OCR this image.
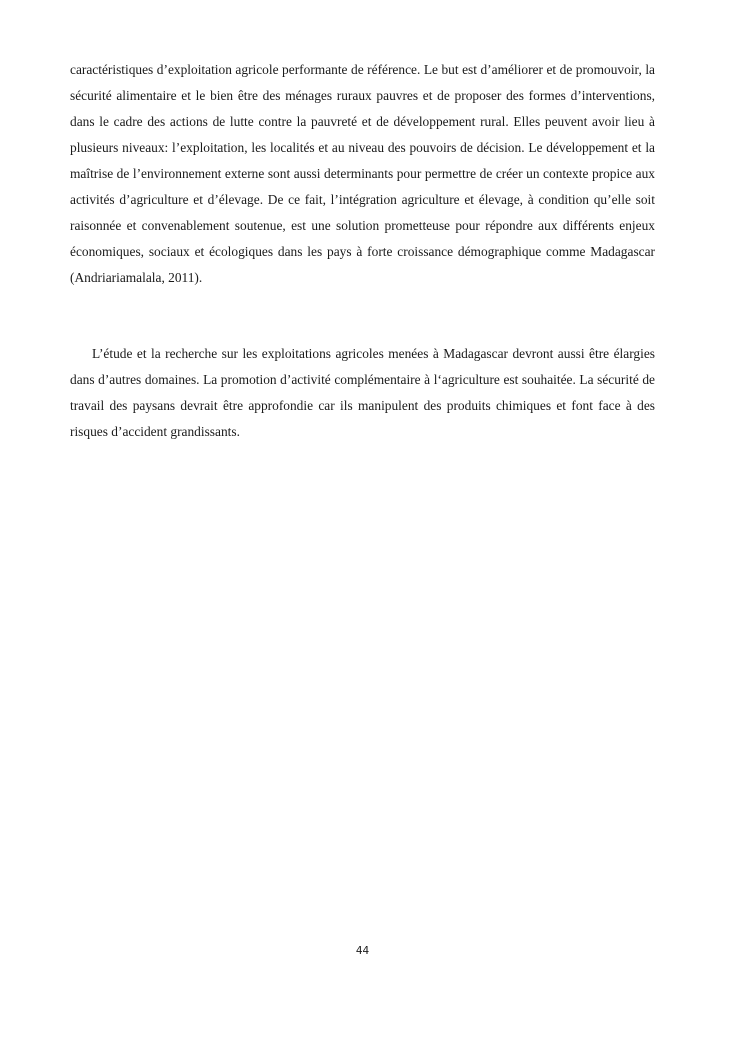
caractéristiques d’exploitation agricole performante de référence. Le but est d’améliorer et de promouvoir, la sécurité alimentaire et le bien être des ménages ruraux pauvres et de proposer des formes d’interventions, dans le cadre des actions de lutte contre la pauvreté et de développement rural. Elles peuvent avoir lieu à plusieurs niveaux: l’exploitation, les localités et au niveau des pouvoirs de décision. Le développement et la maîtrise de l’environnement externe sont aussi determinants pour permettre de créer un contexte propice aux activités d’agriculture et d’élevage. De ce fait, l’intégration agriculture et élevage, à condition qu’elle soit raisonnée et convenablement soutenue, est une solution prometteuse pour répondre aux différents enjeux économiques, sociaux et écologiques dans les pays à forte croissance démographique comme Madagascar (Andriariamalala, 2011).

L’étude et la recherche sur les exploitations agricoles menées à Madagascar devront aussi être élargies dans d’autres domaines. La promotion d’activité complémentaire à l‘agriculture est souhaitée. La sécurité de travail des paysans devrait être approfondie car ils manipulent des produits chimiques et font face à des risques d’accident grandissants.

44
